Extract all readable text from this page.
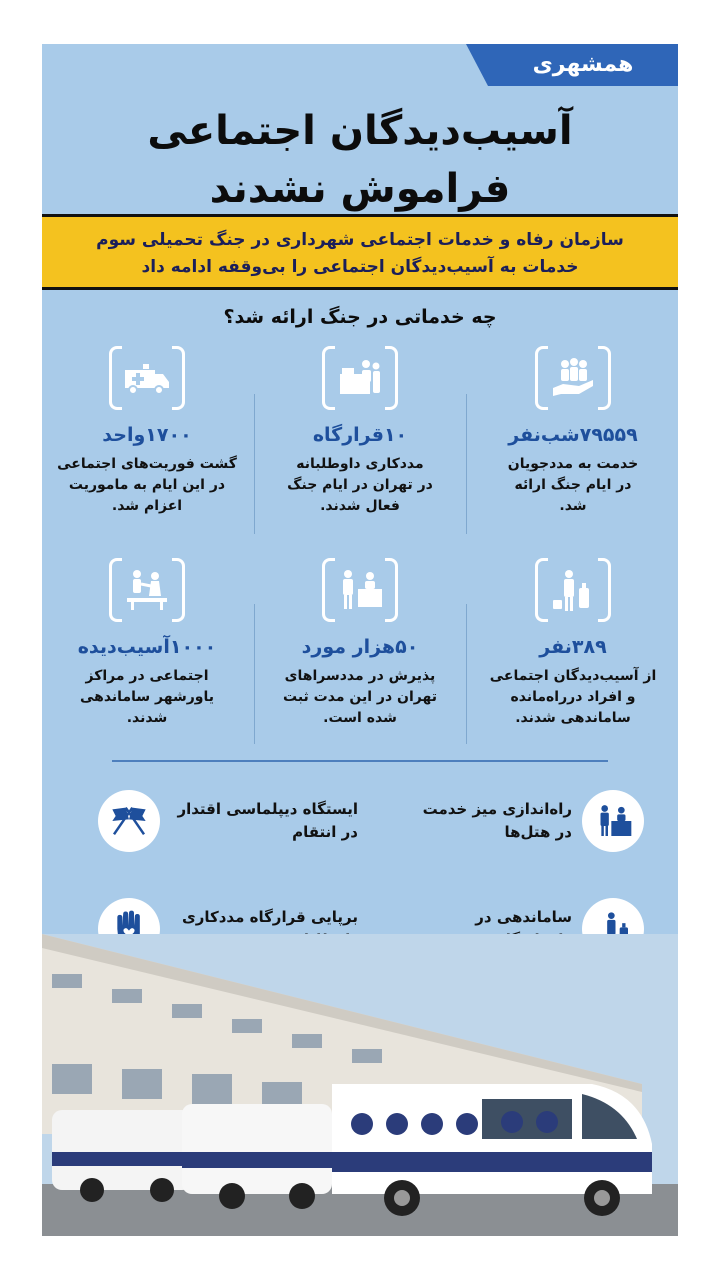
همشهری
آسیب‌دیدگان اجتماعی
فراموش نشدند
سازمان رفاه و خدمات اجتماعی شهرداری در جنگ تحمیلی سوم
خدمات به آسیب‌دیدگان اجتماعی را بی‌وقفه ادامه داد
چه خدماتی در جنگ ارائه شد؟
۷۹۵۵۹شب‌نفر
خدمت به مددجویان
در ایام جنگ ارائه
شد.
۱۰قرارگاه
مددکاری داوطلبانه
در تهران در ایام جنگ
فعال شدند.
۱۷۰۰واحد
گشت فوریت‌های اجتماعی
در این ایام به ماموریت
اعزام شد.
۳۸۹نفر
از آسیب‌دیدگان اجتماعی
و افراد درراه‌مانده
ساماندهی شدند.
۵۰هزار مورد
پذیرش در مددسراهای
تهران در این مدت ثبت
شده است.
۱۰۰۰آسیب‌دیده
اجتماعی در مراکز
یاورشهر ساماندهی
شدند.
راه‌اندازی میز خدمت
در هتل‌ها
ایستگاه دیپلماسی اقتدار
در انتقام
ساماندهی در

برپایی قرارگاه مددکاری
